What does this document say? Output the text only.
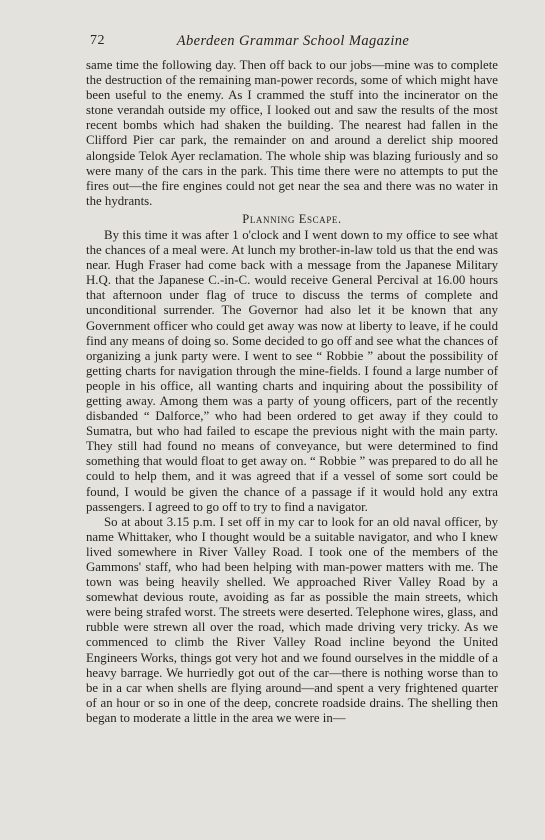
72	Aberdeen Grammar School Magazine

same time the following day. Then off back to our jobs—mine was to complete the destruction of the remaining man-power records, some of which might have been useful to the enemy. As I crammed the stuff into the incinerator on the stone verandah outside my office, I looked out and saw the results of the most recent bombs which had shaken the building. The nearest had fallen in the Clifford Pier car park, the remainder on and around a derelict ship moored alongside Telok Ayer reclamation. The whole ship was blazing furiously and so were many of the cars in the park. This time there were no attempts to put the fires out—the fire engines could not get near the sea and there was no water in the hydrants.

Planning Escape.

By this time it was after 1 o'clock and I went down to my office to see what the chances of a meal were. At lunch my brother-in-law told us that the end was near. Hugh Fraser had come back with a message from the Japanese Military H.Q. that the Japanese C.-in-C. would receive General Percival at 16.00 hours that afternoon under flag of truce to discuss the terms of complete and unconditional surrender. The Governor had also let it be known that any Government officer who could get away was now at liberty to leave, if he could find any means of doing so. Some decided to go off and see what the chances of organizing a junk party were. I went to see “ Robbie ” about the possibility of getting charts for navigation through the mine-fields. I found a large number of people in his office, all wanting charts and inquiring about the possibility of getting away. Among them was a party of young officers, part of the recently disbanded “ Dalforce,” who had been ordered to get away if they could to Sumatra, but who had failed to escape the previous night with the main party. They still had found no means of conveyance, but were determined to find something that would float to get away on. “ Robbie ” was prepared to do all he could to help them, and it was agreed that if a vessel of some sort could be found, I would be given the chance of a passage if it would hold any extra passengers. I agreed to go off to try to find a navigator.

So at about 3.15 p.m. I set off in my car to look for an old naval officer, by name Whittaker, who I thought would be a suitable navigator, and who I knew lived somewhere in River Valley Road. I took one of the members of the Gammons' staff, who had been helping with man-power matters with me. The town was being heavily shelled. We approached River Valley Road by a somewhat devious route, avoiding as far as possible the main streets, which were being strafed worst. The streets were deserted. Telephone wires, glass, and rubble were strewn all over the road, which made driving very tricky. As we commenced to climb the River Valley Road incline beyond the United Engineers Works, things got very hot and we found ourselves in the middle of a heavy barrage. We hurriedly got out of the car—there is nothing worse than to be in a car when shells are flying around—and spent a very frightened quarter of an hour or so in one of the deep, concrete roadside drains. The shelling then began to moderate a little in the area we were in—
